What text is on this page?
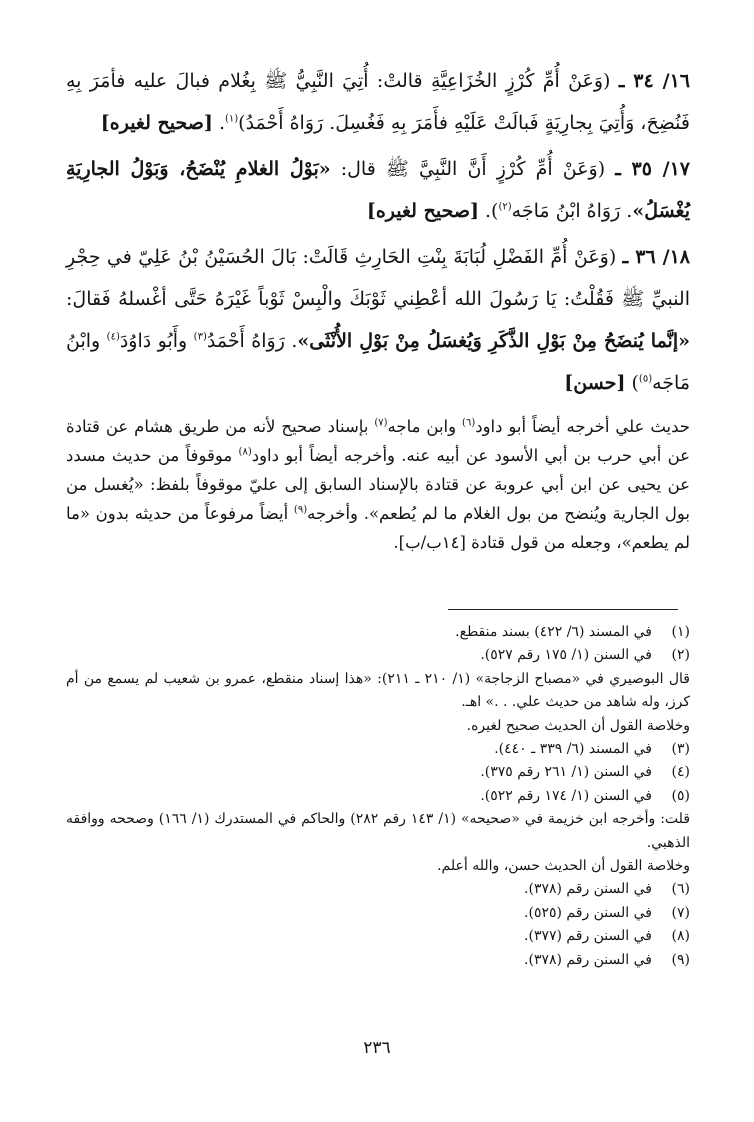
١٦/ ٣٤ ـ (وَعَنْ أُمِّ كُرْزٍ الخُزَاعِيَّةِ قالتْ: أُتِيَ النَّبِيُّ ﷺ بِغُلام فبالَ عليه فأمَرَ بِهِ فَنُضِحَ، وَأُتِيَ بِجارِيَةٍ فَبالَتْ عَلَيْهِ فأَمَرَ بِهِ فَغُسِلَ. رَوَاهُ أَحْمَدُ)$^{(١)}$. [صحيح لغيره]
١٧/ ٣٥ ـ (وَعَنْ أُمِّ كُرْزٍ أَنَّ النَّبِيَّ ﷺ قال: «بَوْلُ الغلامِ يُنْضَحُ، وَبَوْلُ الجارِيَةِ يُغْسَلُ». رَوَاهُ ابْنُ مَاجَه$^{(٢)}$). [صحيح لغيره]
١٨/ ٣٦ ـ (وَعَنْ أُمِّ الفَضْلِ لُبَابَةَ بِنْتِ الحَارِثِ قَالَتْ: بَالَ الحُسَيْنُ بْنُ عَلِيّ في حِجْرِ النبيِّ ﷺ فَقُلْتُ: يَا رَسُولَ الله أعْطِني ثَوْبَكَ والْبِسْ ثَوْباً غَيْرَهُ حَتَّى أغْسلهُ فَقالَ: «إنَّما يُنضَحُ مِنْ بَوْلِ الذَّكَرِ وَيُغسَلُ مِنْ بَوْلِ الأُنْثَى». رَوَاهُ أَحْمَدُ$^{(٣)}$ وأَبُو دَاوُدَ$^{(٤)}$ وابْنُ مَاجَه$^{(٥)}$) [حسن]
حديث علي أخرجه أيضاً أبو داود$^{(٦)}$ وابن ماجه$^{(٧)}$ بإسناد صحيح لأنه من طريق هشام عن قتادة عن أبي حرب بن أبي الأسود عن أبيه عنه. وأخرجه أيضاً أبو داود$^{(٨)}$ موقوفاً من حديث مسدد عن يحيى عن ابن أبي عروبة عن قتادة بالإسناد السابق إلى عليّ موقوفاً بلفظ: «يُغسل من بول الجارية ويُنضح من بول الغلام ما لم يُطعم». وأخرجه$^{(٩)}$ أيضاً مرفوعاً من حديثه بدون «ما لم يطعم»، وجعله من قول قتادة [١٤ب/ب].
(١)
في المسند (٦/ ٤٢٢) بسند منقطع.
(٢)
في السنن (١/ ١٧٥ رقم ٥٢٧).
قال البوصيري في «مصباح الزجاجة» (١/ ٢١٠ ـ ٢١١): «هذا إسناد منقطع، عمرو بن شعيب لم يسمع من أم كرز، وله شاهد من حديث علي. . .» اهـ.
وخلاصة القول أن الحديث صحيح لغيره.
(٣)
في المسند (٦/ ٣٣٩ ـ ٤٤٠).
(٤)
في السنن (١/ ٢٦١ رقم ٣٧٥).
(٥)
في السنن (١/ ١٧٤ رقم ٥٢٢).
قلت: وأخرجه ابن خزيمة في «صحيحه» (١/ ١٤٣ رقم ٢٨٢) والحاكم في المستدرك (١/ ١٦٦) وصححه ووافقه الذهبي.
وخلاصة القول أن الحديث حسن، والله أعلم.
(٦)
في السنن رقم (٣٧٨).
(٧)
في السنن رقم (٥٢٥).
(٨)
في السنن رقم (٣٧٧).
(٩)
في السنن رقم (٣٧٨).
٢٣٦
